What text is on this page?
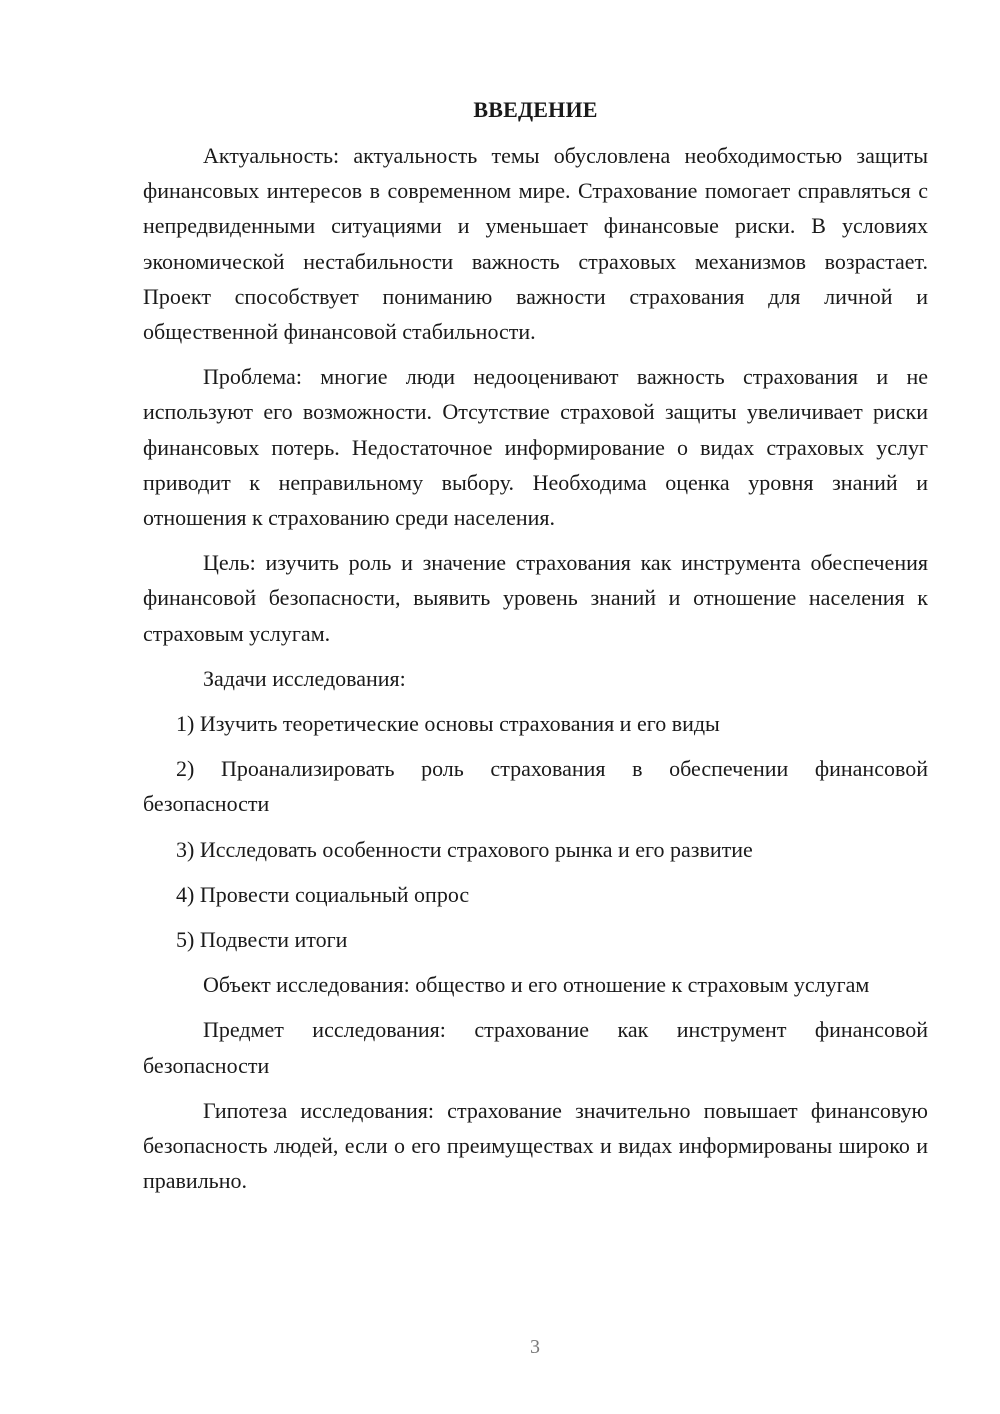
ВВЕДЕНИЕ

Актуальность: актуальность темы обусловлена необходимостью защиты финансовых интересов в современном мире. Страхование помогает справляться с непредвиденными ситуациями и уменьшает финансовые риски. В условиях экономической нестабильности важность страховых механизмов возрастает. Проект способствует пониманию важности страхования для личной и общественной финансовой стабильности.

Проблема: многие люди недооценивают важность страхования и не используют его возможности. Отсутствие страховой защиты увеличивает риски финансовых потерь. Недостаточное информирование о видах страховых услуг приводит к неправильному выбору. Необходима оценка уровня знаний и отношения к страхованию среди населения.

Цель: изучить роль и значение страхования как инструмента обеспечения финансовой безопасности, выявить уровень знаний и отношение населения к страховым услугам.

Задачи исследования:

1) Изучить теоретические основы страхования и его виды

2) Проанализировать роль страхования в обеспечении финансовой безопасности

3) Исследовать особенности страхового рынка и его развитие

4) Провести социальный опрос

5) Подвести итоги

Объект исследования: общество и его отношение к страховым услугам

Предмет исследования: страхование как инструмент финансовой безопасности

Гипотеза исследования: страхование значительно повышает финансовую безопасность людей, если о его преимуществах и видах информированы широко и правильно.

3
